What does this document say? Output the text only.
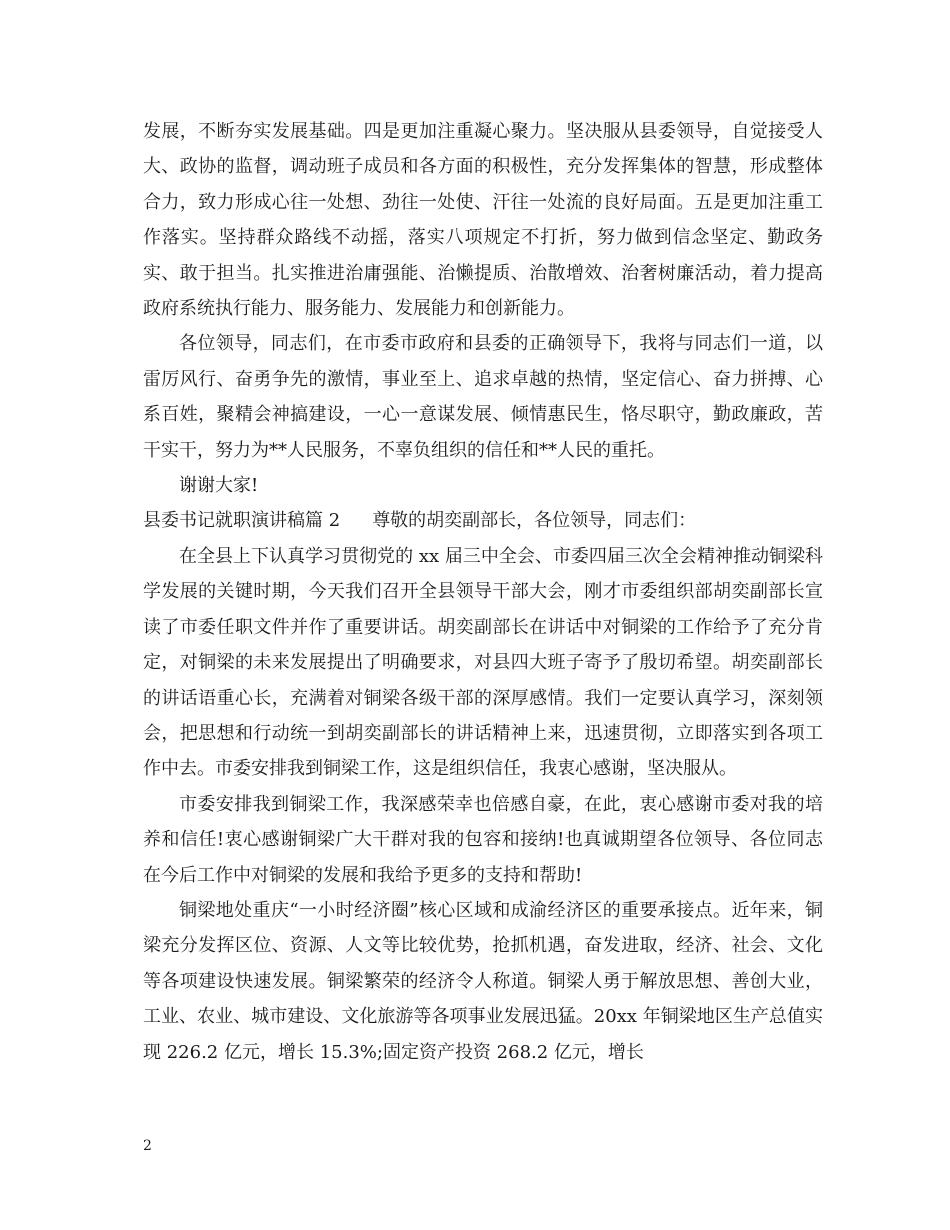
发展，不断夯实发展基础。四是更加注重凝心聚力。坚决服从县委领导，自觉接受人大、政协的监督，调动班子成员和各方面的积极性，充分发挥集体的智慧，形成整体合力，致力形成心往一处想、劲往一处使、汗往一处流的良好局面。五是更加注重工作落实。坚持群众路线不动摇，落实八项规定不打折，努力做到信念坚定、勤政务实、敢于担当。扎实推进治庸强能、治懒提质、治散增效、治奢树廉活动，着力提高政府系统执行能力、服务能力、发展能力和创新能力。

各位领导，同志们，在市委市政府和县委的正确领导下，我将与同志们一道，以雷厉风行、奋勇争先的激情，事业至上、追求卓越的热情，坚定信心、奋力拼搏、心系百姓，聚精会神搞建设，一心一意谋发展、倾情惠民生，恪尽职守，勤政廉政，苦干实干，努力为**人民服务，不辜负组织的信任和**人民的重托。

谢谢大家!

县委书记就职演讲稿篇 2 尊敬的胡奕副部长，各位领导，同志们：

在全县上下认真学习贯彻党的 xx 届三中全会、市委四届三次全会精神推动铜梁科学发展的关键时期，今天我们召开全县领导干部大会，刚才市委组织部胡奕副部长宣读了市委任职文件并作了重要讲话。胡奕副部长在讲话中对铜梁的工作给予了充分肯定，对铜梁的未来发展提出了明确要求，对县四大班子寄予了殷切希望。胡奕副部长的讲话语重心长，充满着对铜梁各级干部的深厚感情。我们一定要认真学习，深刻领会，把思想和行动统一到胡奕副部长的讲话精神上来，迅速贯彻，立即落实到各项工作中去。市委安排我到铜梁工作，这是组织信任，我衷心感谢，坚决服从。

市委安排我到铜梁工作，我深感荣幸也倍感自豪，在此，衷心感谢市委对我的培养和信任!衷心感谢铜梁广大干群对我的包容和接纳!也真诚期望各位领导、各位同志在今后工作中对铜梁的发展和我给予更多的支持和帮助!

铜梁地处重庆“一小时经济圈”核心区域和成渝经济区的重要承接点。近年来，铜梁充分发挥区位、资源、人文等比较优势，抢抓机遇，奋发进取，经济、社会、文化等各项建设快速发展。铜梁繁荣的经济令人称道。铜梁人勇于解放思想、善创大业，工业、农业、城市建设、文化旅游等各项事业发展迅猛。20xx 年铜梁地区生产总值实现 226.2 亿元，增长 15.3%;固定资产投资 268.2 亿元，增长

2
